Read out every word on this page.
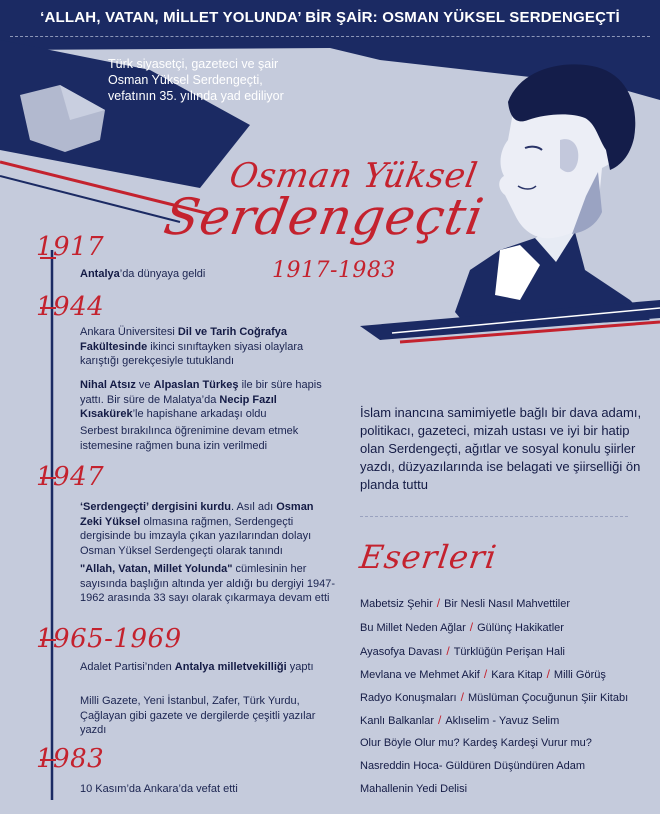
‘ALLAH, VATAN, MİLLET YOLUNDA’ BİR ŞAİR: OSMAN YÜKSEL SERDENGEÇTİ
Türk siyasetçi, gazeteci ve şair Osman Yüksel Serdengeçti, vefatının 35. yılında yad ediliyor
Osman Yüksel
Serdengeçti
1917-1983
1917
1944
1947
1965-1969
1983
Antalya’da dünyaya geldi
Ankara Üniversitesi Dil ve Tarih Coğrafya Fakültesinde ikinci sınıftayken siyasi olaylara karıştığı gerekçesiyle tutuklandı
Nihal Atsız ve Alpaslan Türkeş ile bir süre hapis yattı. Bir süre de Malatya’da Necip Fazıl Kısakürek’le hapishane arkadaşı oldu
Serbest bırakılınca öğrenimine devam etmek istemesine rağmen buna izin verilmedi
‘Serdengeçti’ dergisini kurdu. Asıl adı Osman Zeki Yüksel olmasına rağmen, Serdengeçti dergisinde bu imzayla çıkan yazılarından dolayı Osman Yüksel Serdengeçti olarak tanındı
"Allah, Vatan, Millet Yolunda" cümlesinin her sayısında başlığın altında yer aldığı bu dergiyi 1947-1962 arasında 33 sayı olarak çıkarmaya devam etti
Adalet Partisi’nden Antalya milletvekilliği yaptı
Milli Gazete, Yeni İstanbul, Zafer, Türk Yurdu, Çağlayan gibi gazete ve dergilerde çeşitli yazılar yazdı
10 Kasım’da Ankara’da vefat etti
İslam inancına samimiyetle bağlı bir dava adamı, politikacı, gazeteci, mizah ustası ve iyi bir hatip olan Serdengeçti, ağıtlar ve sosyal konulu şiirler yazdı, düzyazılarında ise belagati ve şiirselliği ön planda tuttu
Eserleri
Mabetsiz Şehir / Bir Nesli Nasıl Mahvettiler
Bu Millet Neden Ağlar / Gülünç Hakikatler
Ayasofya Davası / Türklüğün Perişan Hali
Mevlana ve Mehmet Akif / Kara Kitap / Milli Görüş
Radyo Konuşmaları / Müslüman Çocuğunun Şiir Kitabı
Kanlı Balkanlar / Aklıselim - Yavuz Selim
Olur Böyle Olur mu? Kardeş Kardeşi Vurur mu?
Nasreddin Hoca- Güldüren Düşündüren Adam
Mahallenin Yedi Delisi
